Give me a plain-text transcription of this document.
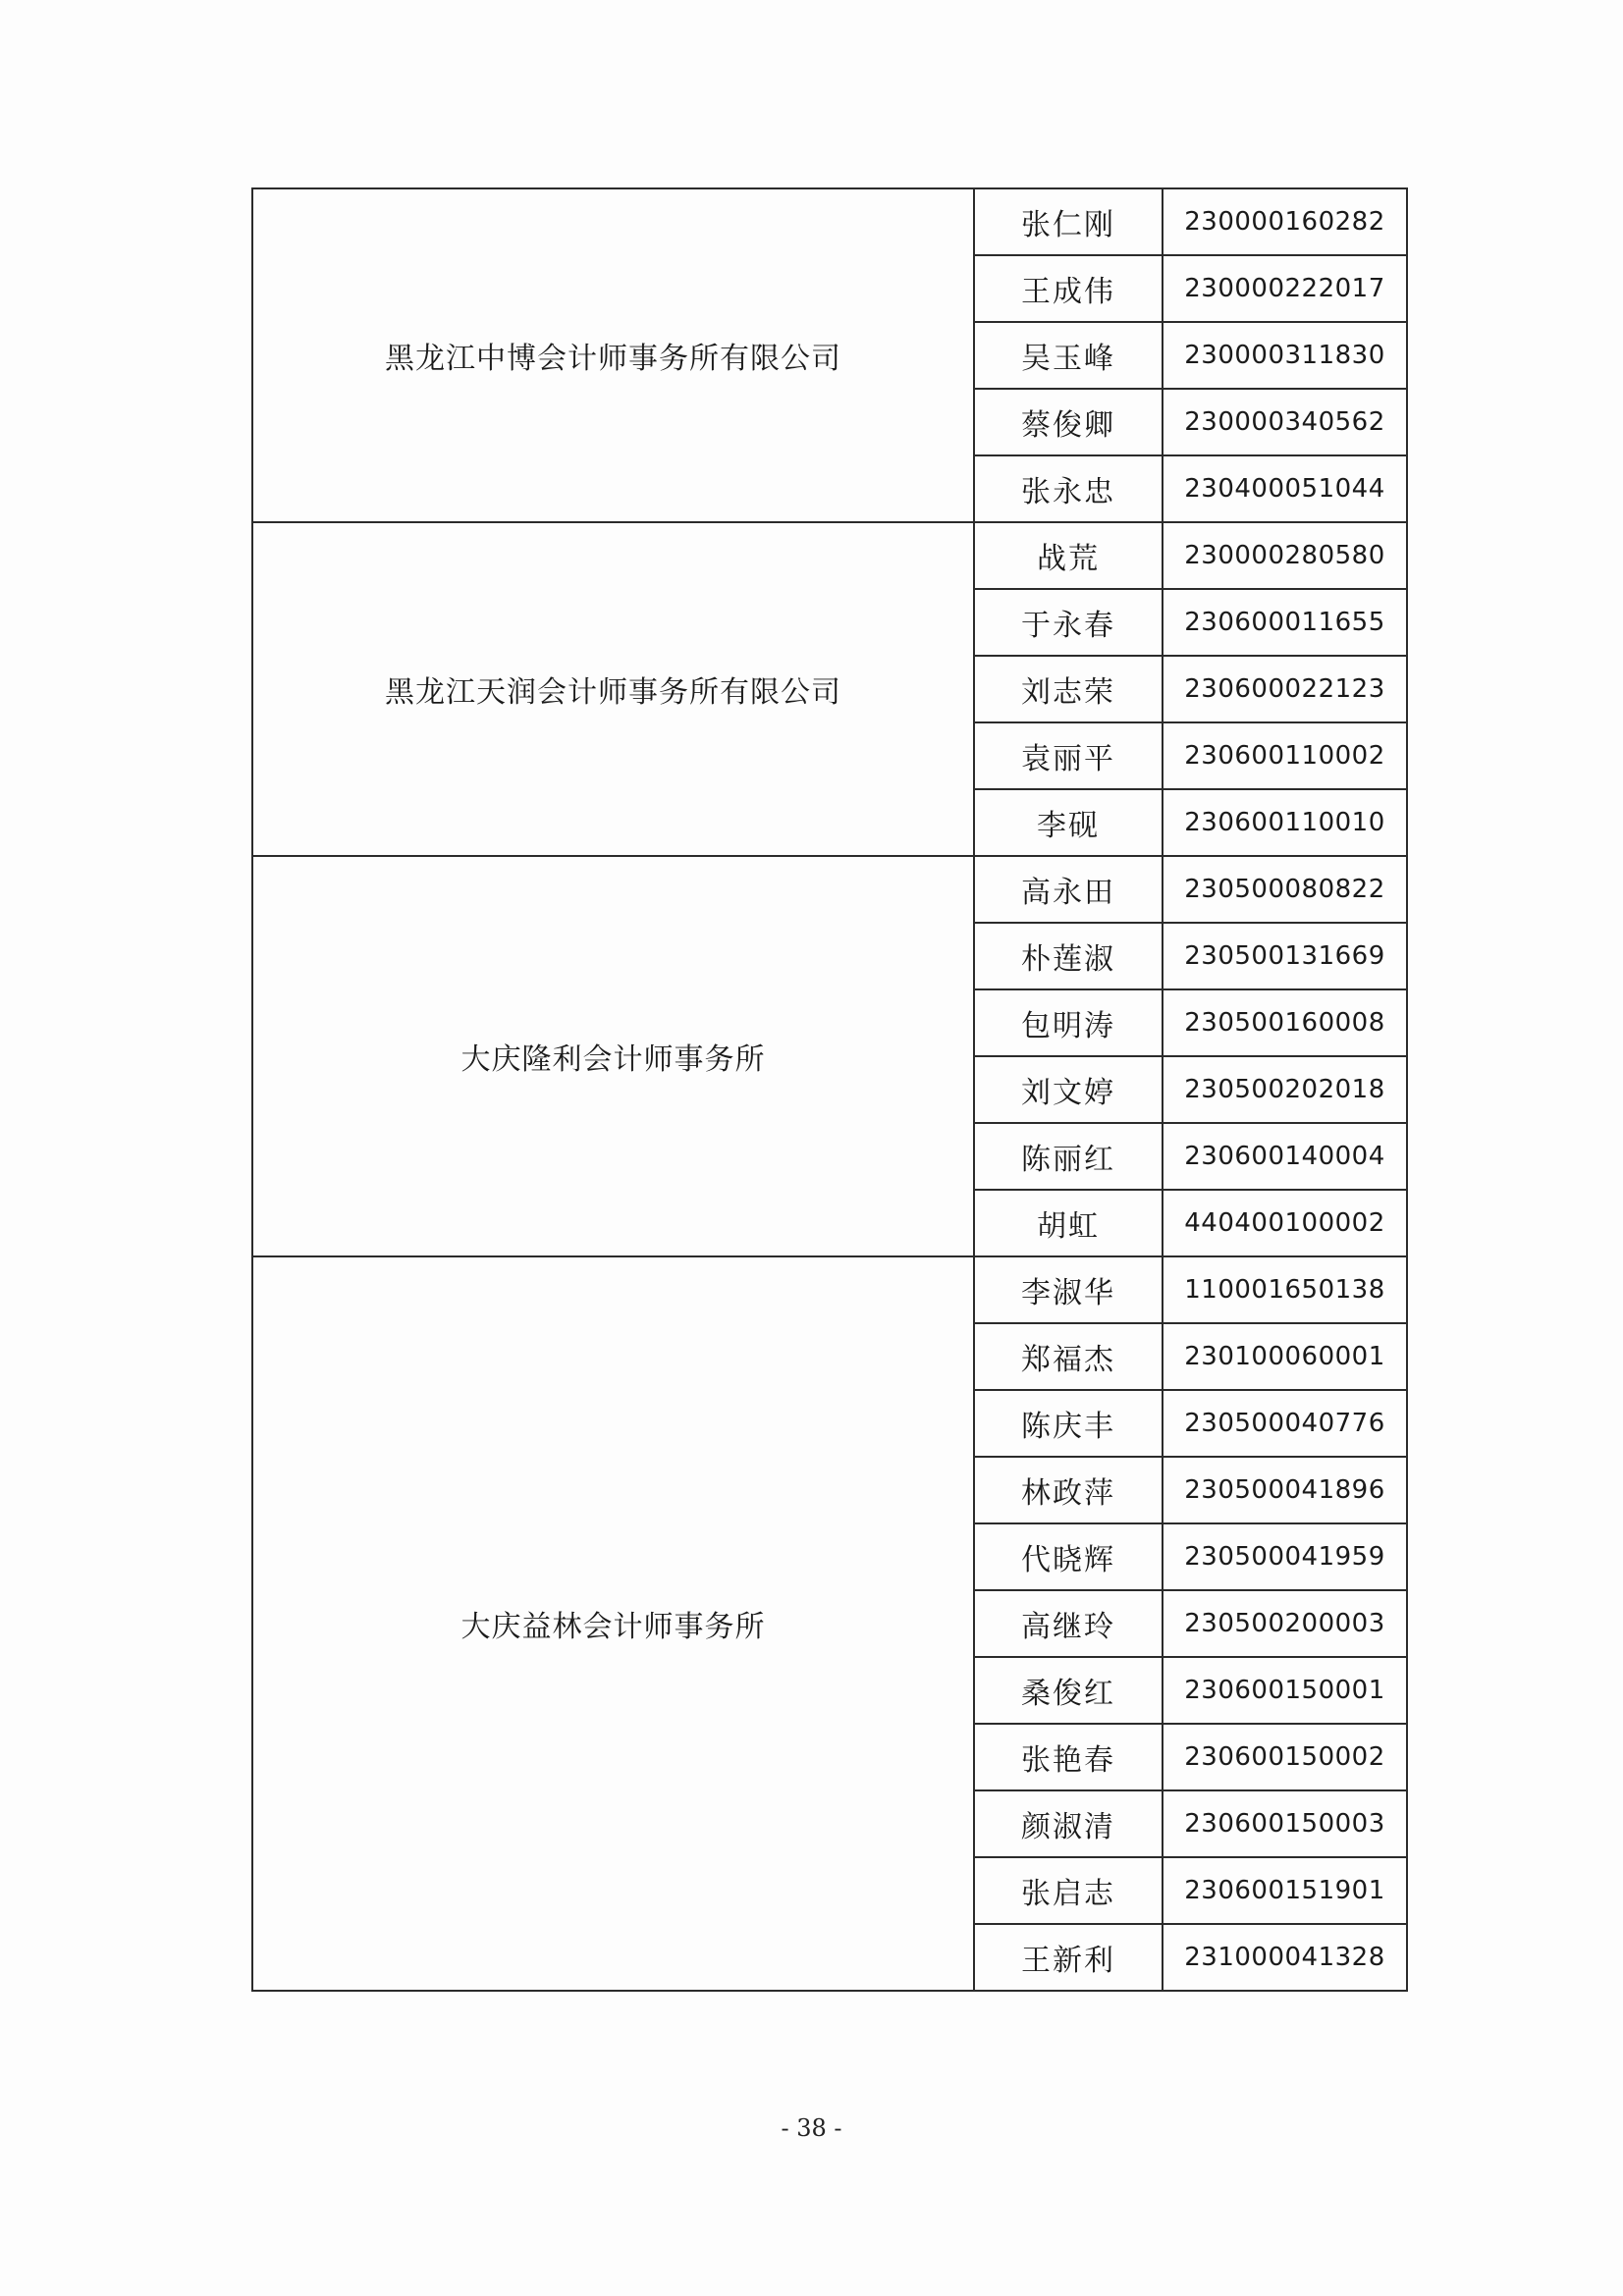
黑龙江中博会计师事务所有限公司	张仁刚	230000160282
	王成伟	230000222017
	吴玉峰	230000311830
	蔡俊卿	230000340562
	张永忠	230400051044
黑龙江天润会计师事务所有限公司	战荒	230000280580
	于永春	230600011655
	刘志荣	230600022123
	袁丽平	230600110002
	李砚	230600110010
大庆隆利会计师事务所	高永田	230500080822
	朴莲淑	230500131669
	包明涛	230500160008
	刘文婷	230500202018
	陈丽红	230600140004
	胡虹	440400100002
大庆益林会计师事务所	李淑华	110001650138
	郑福杰	230100060001
	陈庆丰	230500040776
	林政萍	230500041896
	代晓辉	230500041959
	高继玲	230500200003
	桑俊红	230600150001
	张艳春	230600150002
	颜淑清	230600150003
	张启志	230600151901
	王新利	231000041328
- 38 -
